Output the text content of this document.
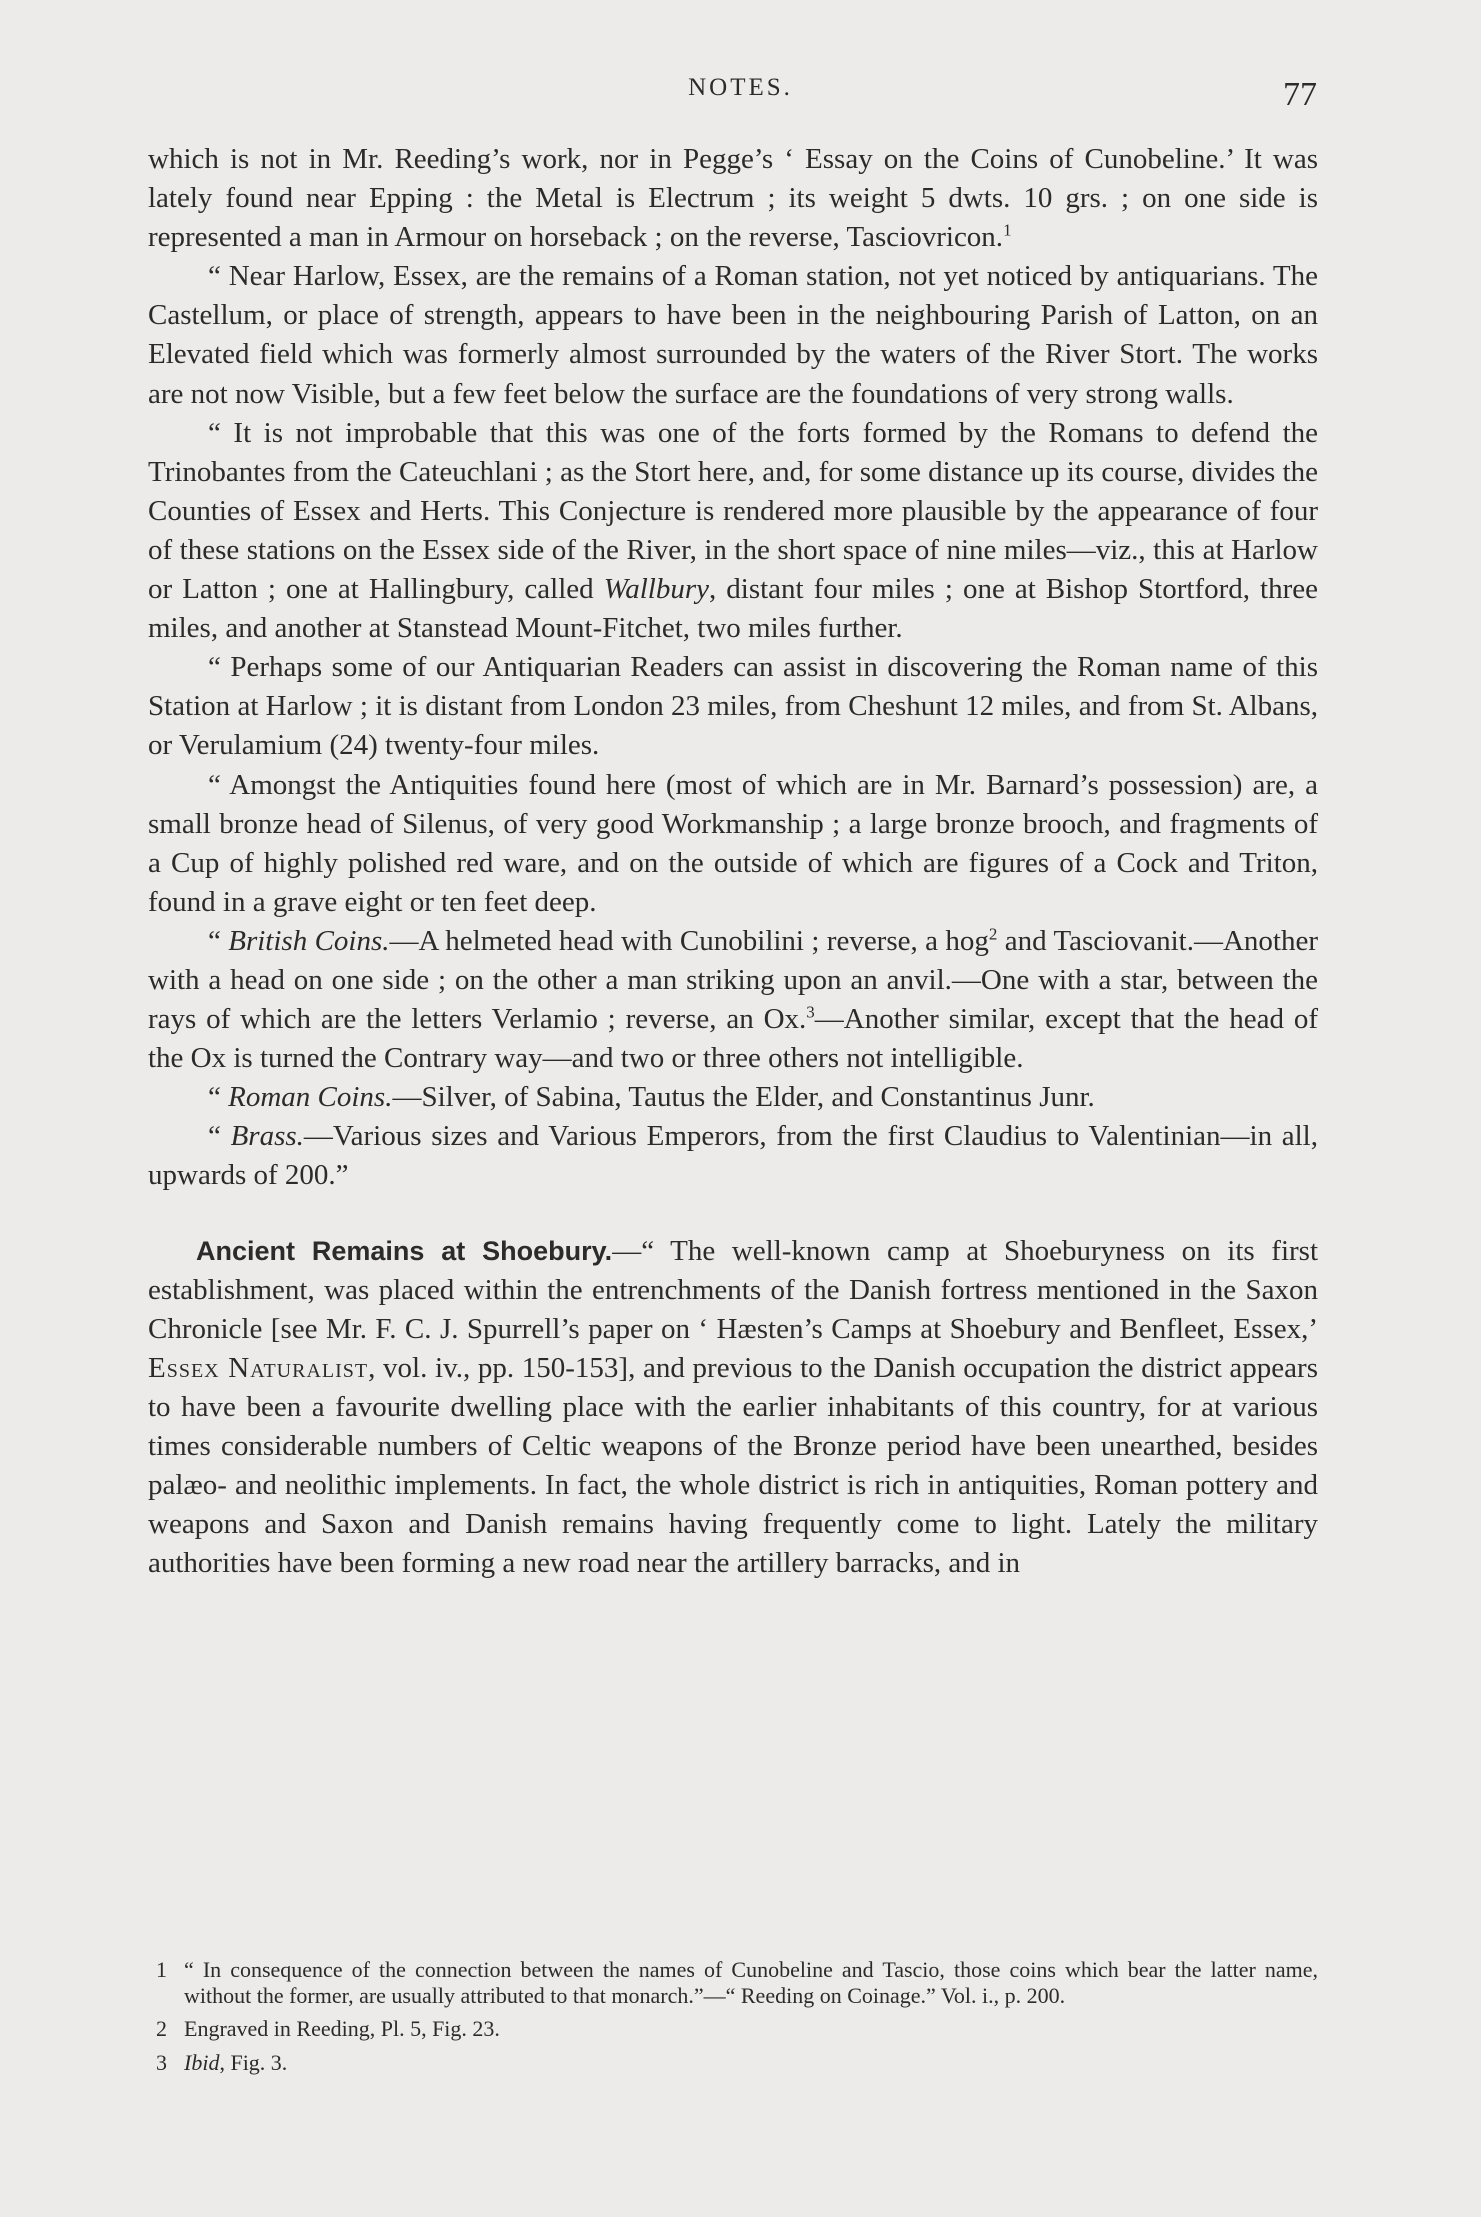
NOTES.	77

which is not in Mr. Reeding’s work, nor in Pegge’s ‘ Essay on the Coins of Cunobeline.’ It was lately found near Epping : the Metal is Electrum ; its weight 5 dwts. 10 grs. ; on one side is represented a man in Armour on horseback ; on the reverse, Tasciovricon.$^1$

“ Near Harlow, Essex, are the remains of a Roman station, not yet noticed by antiquarians. The Castellum, or place of strength, appears to have been in the neighbouring Parish of Latton, on an Elevated field which was formerly almost surrounded by the waters of the River Stort. The works are not now Visible, but a few feet below the surface are the foundations of very strong walls.

“ It is not improbable that this was one of the forts formed by the Romans to defend the Trinobantes from the Cateuchlani ; as the Stort here, and, for some distance up its course, divides the Counties of Essex and Herts. This Conjecture is rendered more plausible by the appearance of four of these stations on the Essex side of the River, in the short space of nine miles—viz., this at Harlow or Latton ; one at Hallingbury, called Wallbury, distant four miles ; one at Bishop Stortford, three miles, and another at Stanstead Mount-Fitchet, two miles further.

“ Perhaps some of our Antiquarian Readers can assist in discovering the Roman name of this Station at Harlow ; it is distant from London 23 miles, from Cheshunt 12 miles, and from St. Albans, or Verulamium (24) twenty-four miles.

“ Amongst the Antiquities found here (most of which are in Mr. Barnard’s possession) are, a small bronze head of Silenus, of very good Workmanship ; a large bronze brooch, and fragments of a Cup of highly polished red ware, and on the outside of which are figures of a Cock and Triton, found in a grave eight or ten feet deep.

“ British Coins.—A helmeted head with Cunobilini ; reverse, a hog$^2$ and Tasciovanit.—Another with a head on one side ; on the other a man striking upon an anvil.—One with a star, between the rays of which are the letters Verlamio ; reverse, an Ox.$^3$—Another similar, except that the head of the Ox is turned the Contrary way—and two or three others not intelligible.

“ Roman Coins.—Silver, of Sabina, Tautus the Elder, and Constantinus Junr.

“ Brass.—Various sizes and Various Emperors, from the first Claudius to Valentinian—in all, upwards of 200.”

Ancient Remains at Shoebury.—“ The well-known camp at Shoeburyness on its first establishment, was placed within the entrenchments of the Danish fortress mentioned in the Saxon Chronicle [see Mr. F. C. J. Spurrell’s paper on ‘ Hæsten’s Camps at Shoebury and Benfleet, Essex,’ Essex Naturalist, vol. iv., pp. 150-153], and previous to the Danish occupation the district appears to have been a favourite dwelling place with the earlier inhabitants of this country, for at various times considerable numbers of Celtic weapons of the Bronze period have been unearthed, besides palæo- and neolithic implements. In fact, the whole district is rich in antiquities, Roman pottery and weapons and Saxon and Danish remains having frequently come to light. Lately the military authorities have been forming a new road near the artillery barracks, and in

1 “ In consequence of the connection between the names of Cunobeline and Tascio, those coins which bear the latter name, without the former, are usually attributed to that monarch.”—“ Reeding on Coinage.” Vol. i., p. 200.

2 Engraved in Reeding, Pl. 5, Fig. 23.

3 Ibid, Fig. 3.
